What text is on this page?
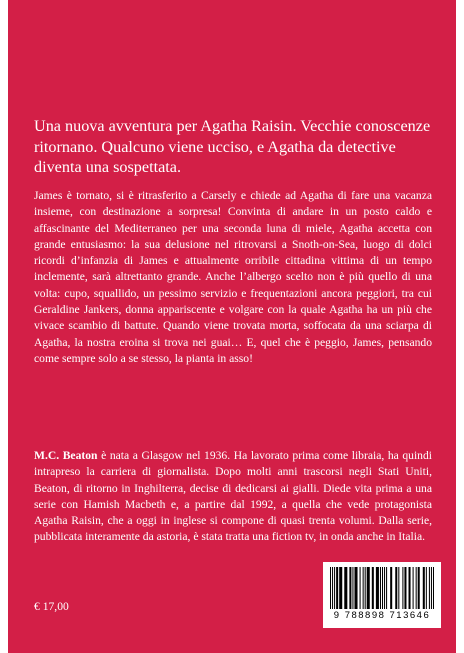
Una nuova avventura per Agatha Raisin. Vecchie conoscenze ritornano. Qualcuno viene ucciso, e Agatha da detective diventa una sospettata.

James è tornato, si è ritrasferito a Carsely e chiede ad Agatha di fare una vacanza insieme, con destinazione a sorpresa! Convinta di andare in un posto caldo e affascinante del Mediterraneo per una seconda luna di miele, Agatha accetta con grande entusiasmo: la sua delusione nel ritrovarsi a Snoth-on-Sea, luogo di dolci ricordi d’infanzia di James e attualmente orribile cittadina vittima di un tempo inclemente, sarà altrettanto grande. Anche l’albergo scelto non è più quello di una volta: cupo, squallido, un pessimo servizio e frequentazioni ancora peggiori, tra cui Geraldine Jankers, donna appariscente e volgare con la quale Agatha ha un più che vivace scambio di battute. Quando viene trovata morta, soffocata da una sciarpa di Agatha, la nostra eroina si trova nei guai… E, quel che è peggio, James, pensando come sempre solo a se stesso, la pianta in asso!

M.C. Beaton è nata a Glasgow nel 1936. Ha lavorato prima come libraia, ha quindi intrapreso la carriera di giornalista. Dopo molti anni trascorsi negli Stati Uniti, Beaton, di ritorno in Inghilterra, decise di dedicarsi ai gialli. Diede vita prima a una serie con Hamish Macbeth e, a partire dal 1992, a quella che vede protagonista Agatha Raisin, che a oggi in inglese si compone di quasi trenta volumi. Dalla serie, pubblicata interamente da astoria, è stata tratta una fiction tv, in onda anche in Italia.

€ 17,00
9 788898 713646
